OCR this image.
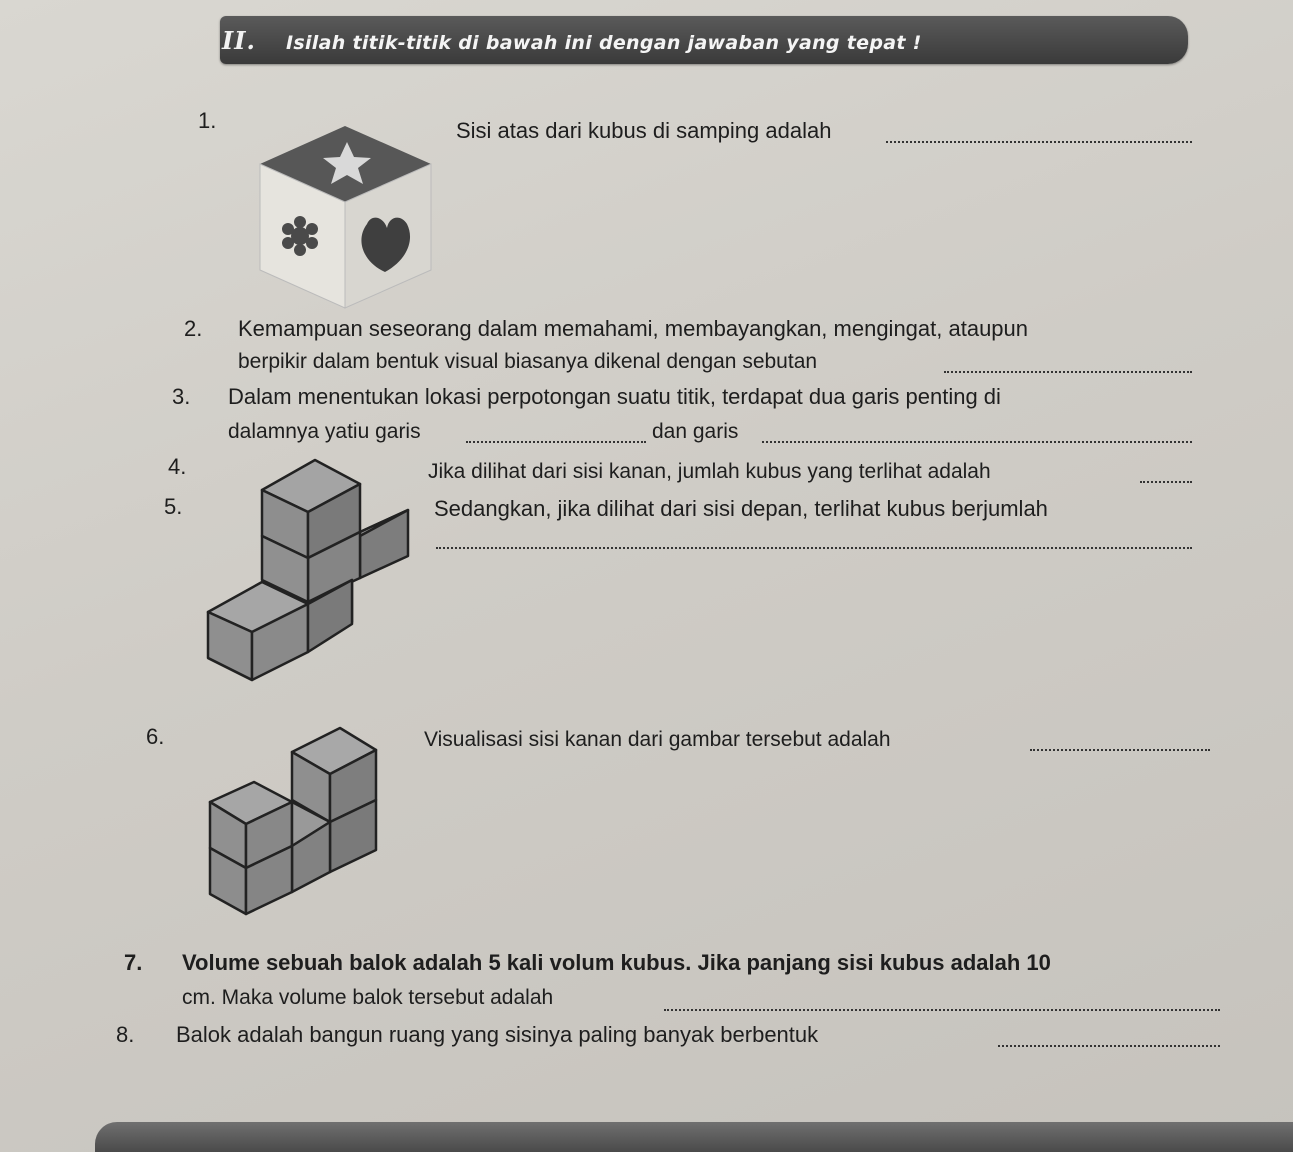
II. Isilah titik-titik di bawah ini dengan jawaban yang tepat !
1.	Sisi atas dari kubus di samping adalah
2. Kemampuan seseorang dalam memahami, membayangkan, mengingat, ataupun
berpikir dalam bentuk visual biasanya dikenal dengan sebutan
3. Dalam menentukan lokasi perpotongan suatu titik, terdapat dua garis penting di
dalamnya yatiu garis	dan garis
4.	Jika dilihat dari sisi kanan, jumlah kubus yang terlihat adalah
5.	Sedangkan, jika dilihat dari sisi depan, terlihat kubus berjumlah
6.	Visualisasi sisi kanan dari gambar tersebut adalah
7. Volume sebuah balok adalah 5 kali volum kubus. Jika panjang sisi kubus adalah 10
cm. Maka volume balok tersebut adalah
8. Balok adalah bangun ruang yang sisinya paling banyak berbentuk
